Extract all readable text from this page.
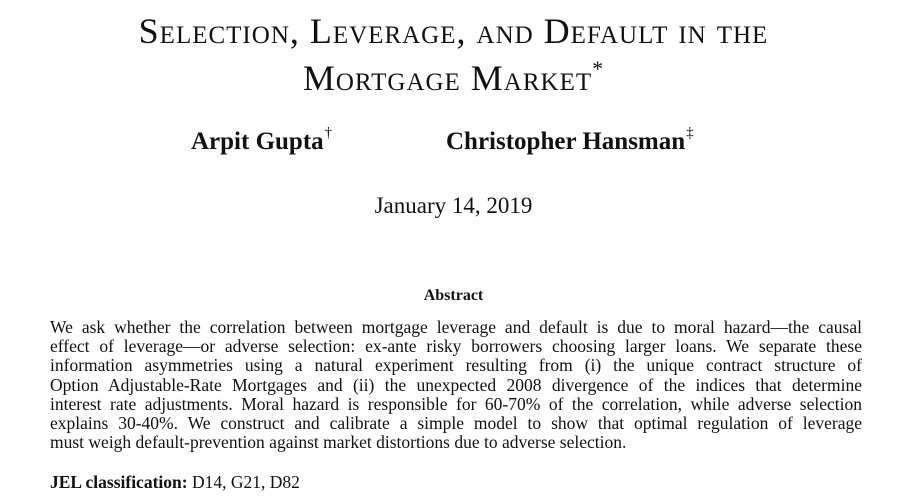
Selection, Leverage, and Default in the
Mortgage Market*
Arpit Gupta†	Christopher Hansman‡
January 14, 2019
Abstract
We ask whether the correlation between mortgage leverage and default is due to moral hazard—the causal
effect of leverage—or adverse selection: ex-ante risky borrowers choosing larger loans. We separate these
information asymmetries using a natural experiment resulting from (i) the unique contract structure of
Option Adjustable-Rate Mortgages and (ii) the unexpected 2008 divergence of the indices that determine
interest rate adjustments. Moral hazard is responsible for 60-70% of the correlation, while adverse selection
explains 30-40%. We construct and calibrate a simple model to show that optimal regulation of leverage
must weigh default-prevention against market distortions due to adverse selection.
JEL classification: D14, G21, D82
